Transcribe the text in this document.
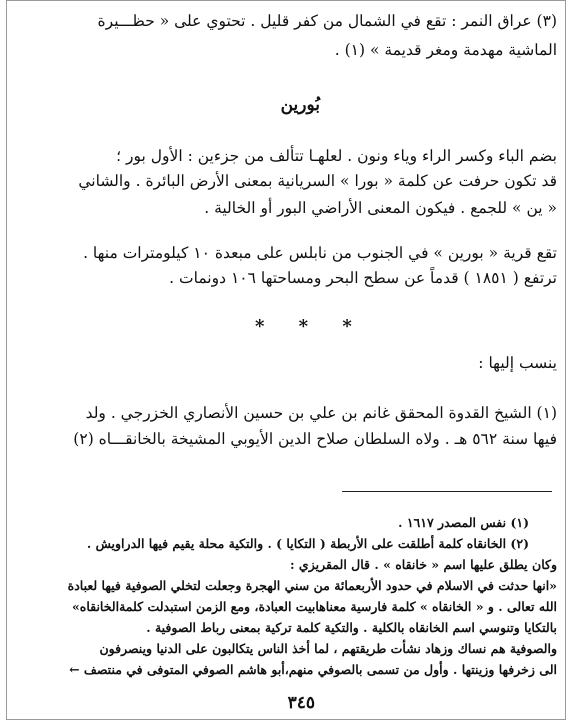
(٣) عراق النمر : تقع في الشمال من كفر قليل . تحتوي على « حظـــيرة
الماشية مهدمة ومغر قديمة » (١) .
بُورين
بضم الباء وكسر الراء وياء ونون . لعلهـا تتألف من جزءين : الأول بور ؛
قد تكون حرفت عن كلمة « بورا » السريانية بمعنى الأرض البائرة . والشاني
« ين » للجمع . فيكون المعنى الأراضي البور أو الخالية .
تقع قرية « بورين » في الجنوب من نابلس على مبعدة ١٠ كيلومترات منها .
ترتفع ( ١٨٥١ ) قدماً عن سطح البحر ومساحتها ١٠٦ دونمات .
* * *
ينسب إليها :
(١) الشيخ القدوة المحقق غانم بن علي بن حسين الأنصاري الخزرجي . ولد
فيها سنة ٥٦٢ هـ . ولاه السلطان صلاح الدين الأيوبي المشيخة بالخانقـــاه (٢)
(١) نفس المصدر ١٦١٧ .
(٢) الخانقاه كلمة أطلقت على الأربطة ( التكايا ) . والتكية محلة يقيم فيها الدراويش .
وكان يطلق عليها اسم « خانقاه » . قال المقريزي :
«انها حدثت في الاسلام في حدود الأربعمائة من سني الهجرة وجعلت لتخلي الصوفية فيها لعبادة
الله تعالى . و « الخانقاه » كلمة فارسية معناهابيت العبادة، ومع الزمن استبدلت كلمةالخانقاه»
بالتكايا وتنوسي اسم الخانقاه بالكلية . والتكية كلمة تركية بمعنى رباط الصوفية .
والصوفية هم نساك وزهاد نشأت طريقتهم ، لما أخذ الناس يتكالبون على الدنيا وينصرفون
الى زخرفها وزينتها . وأول من تسمى بالصوفي منهم،أبو هاشم الصوفي المتوفى في منتصف ←
٣٤٥
